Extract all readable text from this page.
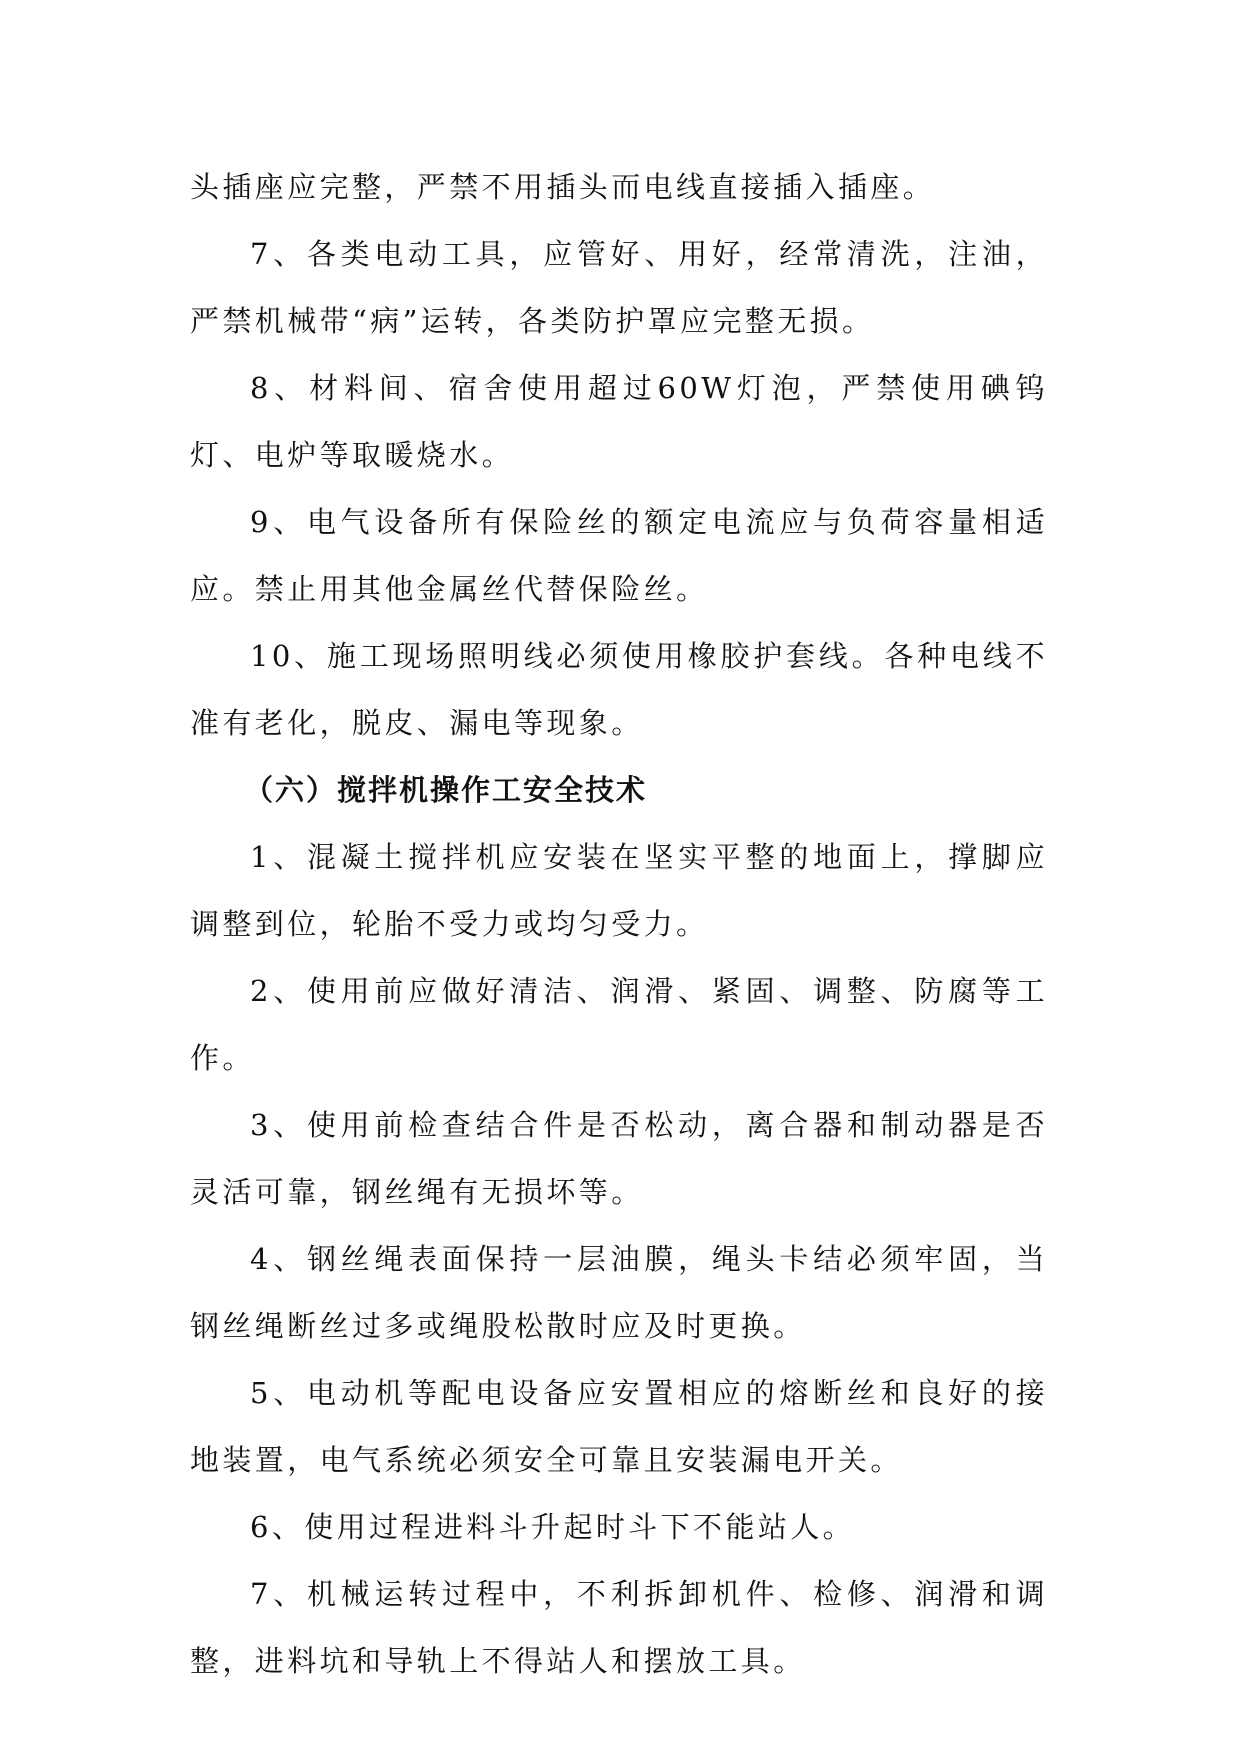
头插座应完整，严禁不用插头而电线直接插入插座。

7、各类电动工具，应管好、用好，经常清洗，注油，严禁机械带“病”运转，各类防护罩应完整无损。

8、材料间、宿舍使用超过60W灯泡，严禁使用碘钨灯、电炉等取暖烧水。

9、电气设备所有保险丝的额定电流应与负荷容量相适应。禁止用其他金属丝代替保险丝。

10、施工现场照明线必须使用橡胶护套线。各种电线不准有老化，脱皮、漏电等现象。

（六）搅拌机操作工安全技术

1、混凝土搅拌机应安装在坚实平整的地面上，撑脚应调整到位，轮胎不受力或均匀受力。

2、使用前应做好清洁、润滑、紧固、调整、防腐等工作。

3、使用前检查结合件是否松动，离合器和制动器是否灵活可靠，钢丝绳有无损坏等。

4、钢丝绳表面保持一层油膜，绳头卡结必须牢固，当钢丝绳断丝过多或绳股松散时应及时更换。

5、电动机等配电设备应安置相应的熔断丝和良好的接地装置，电气系统必须安全可靠且安装漏电开关。

6、使用过程进料斗升起时斗下不能站人。

7、机械运转过程中，不利拆卸机件、检修、润滑和调整，进料坑和导轨上不得站人和摆放工具。
